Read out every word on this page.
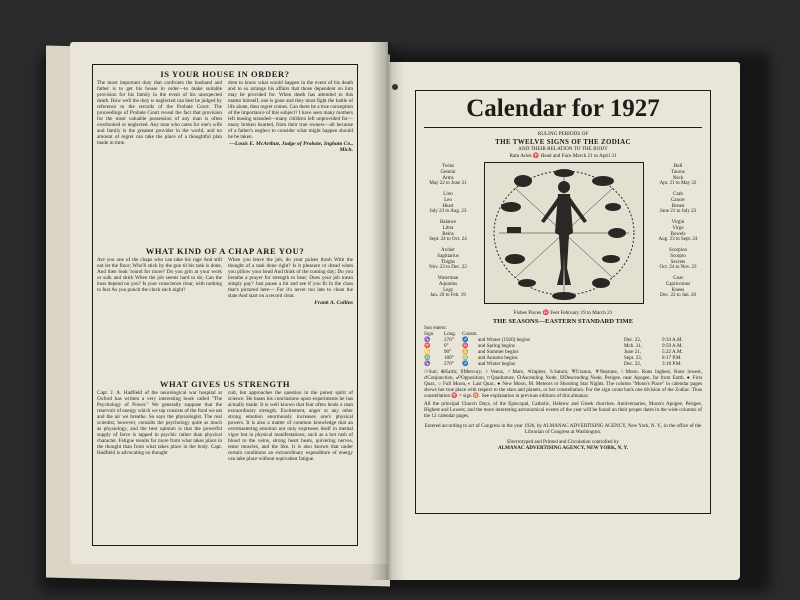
IS YOUR HOUSE IN ORDER?

The most important duty that confronts the husband and father is to get his house in order—to make suitable provision for his family in the event of his unexpected death. How well the duty is neglected can best be judged by reference to the records of the Probate Court. The proceedings of Probate Court reveal the fact that provision for the most valuable possession of any man is often overlooked or neglected. Any man who cares for one's wife and family is the greatest provider in the world, and no amount of regret can take the place of a thoughtful plan made in time.

dren to know what would happen in the event of his death and to so arrange his affairs that those dependent on him may be provided for. When death has attended to this matter himself, one is gone and they must fight the battle of life alone, then regret comes. Can there be a true conception of the importance of this subject? I have seen many mothers left leasing stranded—many children left unprovided for—many broken hearted, from their true owners—all because of a father's neglect to consider what might happen should he be taken.

—Louis E. McArthur, Judge of Probate, Ingham Co., Mich.

WHAT KIND OF A CHAP ARE YOU?

Are you one of the chaps who can take his rage And still not let the floor; Who'll stick by the gun til his task is done, And then look 'round for more? Do you grin at your work or sulk and shirk When the job seems hard to do; Can the boss depend on you? Is your conscience clear, with nothing to fear As you punch the clock each night?

When you leave the job, do your pulses throb With the thought of a task done right? Is it pleasure or dread when you pillow your head And think of the coming day; Do you breathe a prayer for strength to bear; Does your job mean simply pay? Just pause a bit and see if you fit In the class that's pictured here— For it's never too late to clean the slate And start on a record clear.

Frank A. Collins

WHAT GIVES US STRENGTH

Capt. J. A. Hadfield of the neurological war hospital at Oxford has written a very interesting book called "The Psychology of Power." We generally suppose that the reservoir of energy which we tap consists of the food we eat and the air we breathe. So says the physiologist. The real scientist, however, consults the psychology quite as much as physiology, and the best opinion is that the powerful supply of force is tapped in psychic rather than physical character. Fatigue results far more from what takes place in the thought than from what takes place in the body. Capt. Hadfield is advocating no thought

cult, but approaches the question in the purest spirit of science. He bases his conclusions upon experiments he has actually made. It is well known that fear often lends a man extraordinary strength. Excitement, anger or any other strong emotion enormously increases one's physical powers. It is also a matter of common knowledge that an overmastering emotion not only expresses itself in mental vigor but in physical manifestations, such as a hot rush of blood to the veins, strong heart beats, quivering nerves, tense muscles, and the like. It is also known that under certain conditions an extraordinary expenditure of energy can take place without equivalent fatigue.

Calendar for 1927
RULING PERIODS OF
THE TWELVE SIGNS OF THE ZODIAC
AND THEIR RELATION TO THE BODY
Ram Aries ♈ Head and Face March 21 to April 21
Twins
Gemini
Arms
May 22 to June 21
Lion
Leo
Heart
July 23 to Aug. 23
Balance
Libra
Reins
Sept. 24 to Oct. 24
Archer
Sagittarius
Thighs
Nov. 23 to Dec. 22
Waterman
Aquarius
Legs
Jan. 20 to Feb. 19
Bull
Taurus
Neck
Apr. 21 to May 22
Crab
Cancer
Breast
June 21 to July 23
Virgin
Virgo
Bowels
Aug. 23 to Sept. 24
Scorpion
Scorpio
Secrets
Oct. 24 to Nov. 23
Goat
Capricornus
Knees
Dec. 22 to Jan. 20
Fishes Pisces ♓ Feet February 19 to March 21
THE SEASONS—EASTERN STANDARD TIME
Sun enters:
Sign	Long.	Constn.
♑	270°	♐	and Winter (1926) begins	Dec. 22,	9:34 A.M.
♈	0°	♓	and Spring begins	Mch. 21,	9:59 A.M.
♋	90°	♊	and Summer begins	June 21,	5:22 A.M.
♎	180°	♍	and Autumn begins	Sept. 23,	8:17 P.M.
♑	270°	♐	and Winter begins	Dec. 22,	3:18 P.M.

☉Sun; ⊕Earth; ☿Mercury, ♀Venus, ♂Mars, ♃Jupiter, ♄Saturn, ♅Uranus, ♆Neptune, ☾Moon. Runs highest, Runs lowest, ☌Conjunction, ☍Opposition, □Quadrature, ☊Ascending Node, ☋Descending Node, Perigee, near Apogee, far from Earth. ● First Quar., ○ Full Moon, ◐ Last Quar., ● New Moon, M. Meteors or Shooting Star Nights. The column "Moon's Place" in calendar pages shows her true place with respect to the stars and planets, or her constellation. For the sign count back one division of the Zodiac. Thus constellation ♈ = sign ♉. See explanation in previous editions of this almanac.

All the principal Church Days, of the Episcopal, Catholic, Hebrew and Greek churches. Anniversaries, Moon's Apogee, Perigee, Highest and Lowest, and the more interesting astronomical events of the year will be found on their proper dates in the wide columns of the 12 calendar pages.

Entered according to act of Congress in the year 1926, by ALMANAC ADVERTISING AGENCY, New York, N. Y., in the office of the Librarian of Congress at Washington.

Electrotyped and Printed and Circulation controlled by

ALMANAC ADVERTISING AGENCY, NEW YORK, N. Y.
